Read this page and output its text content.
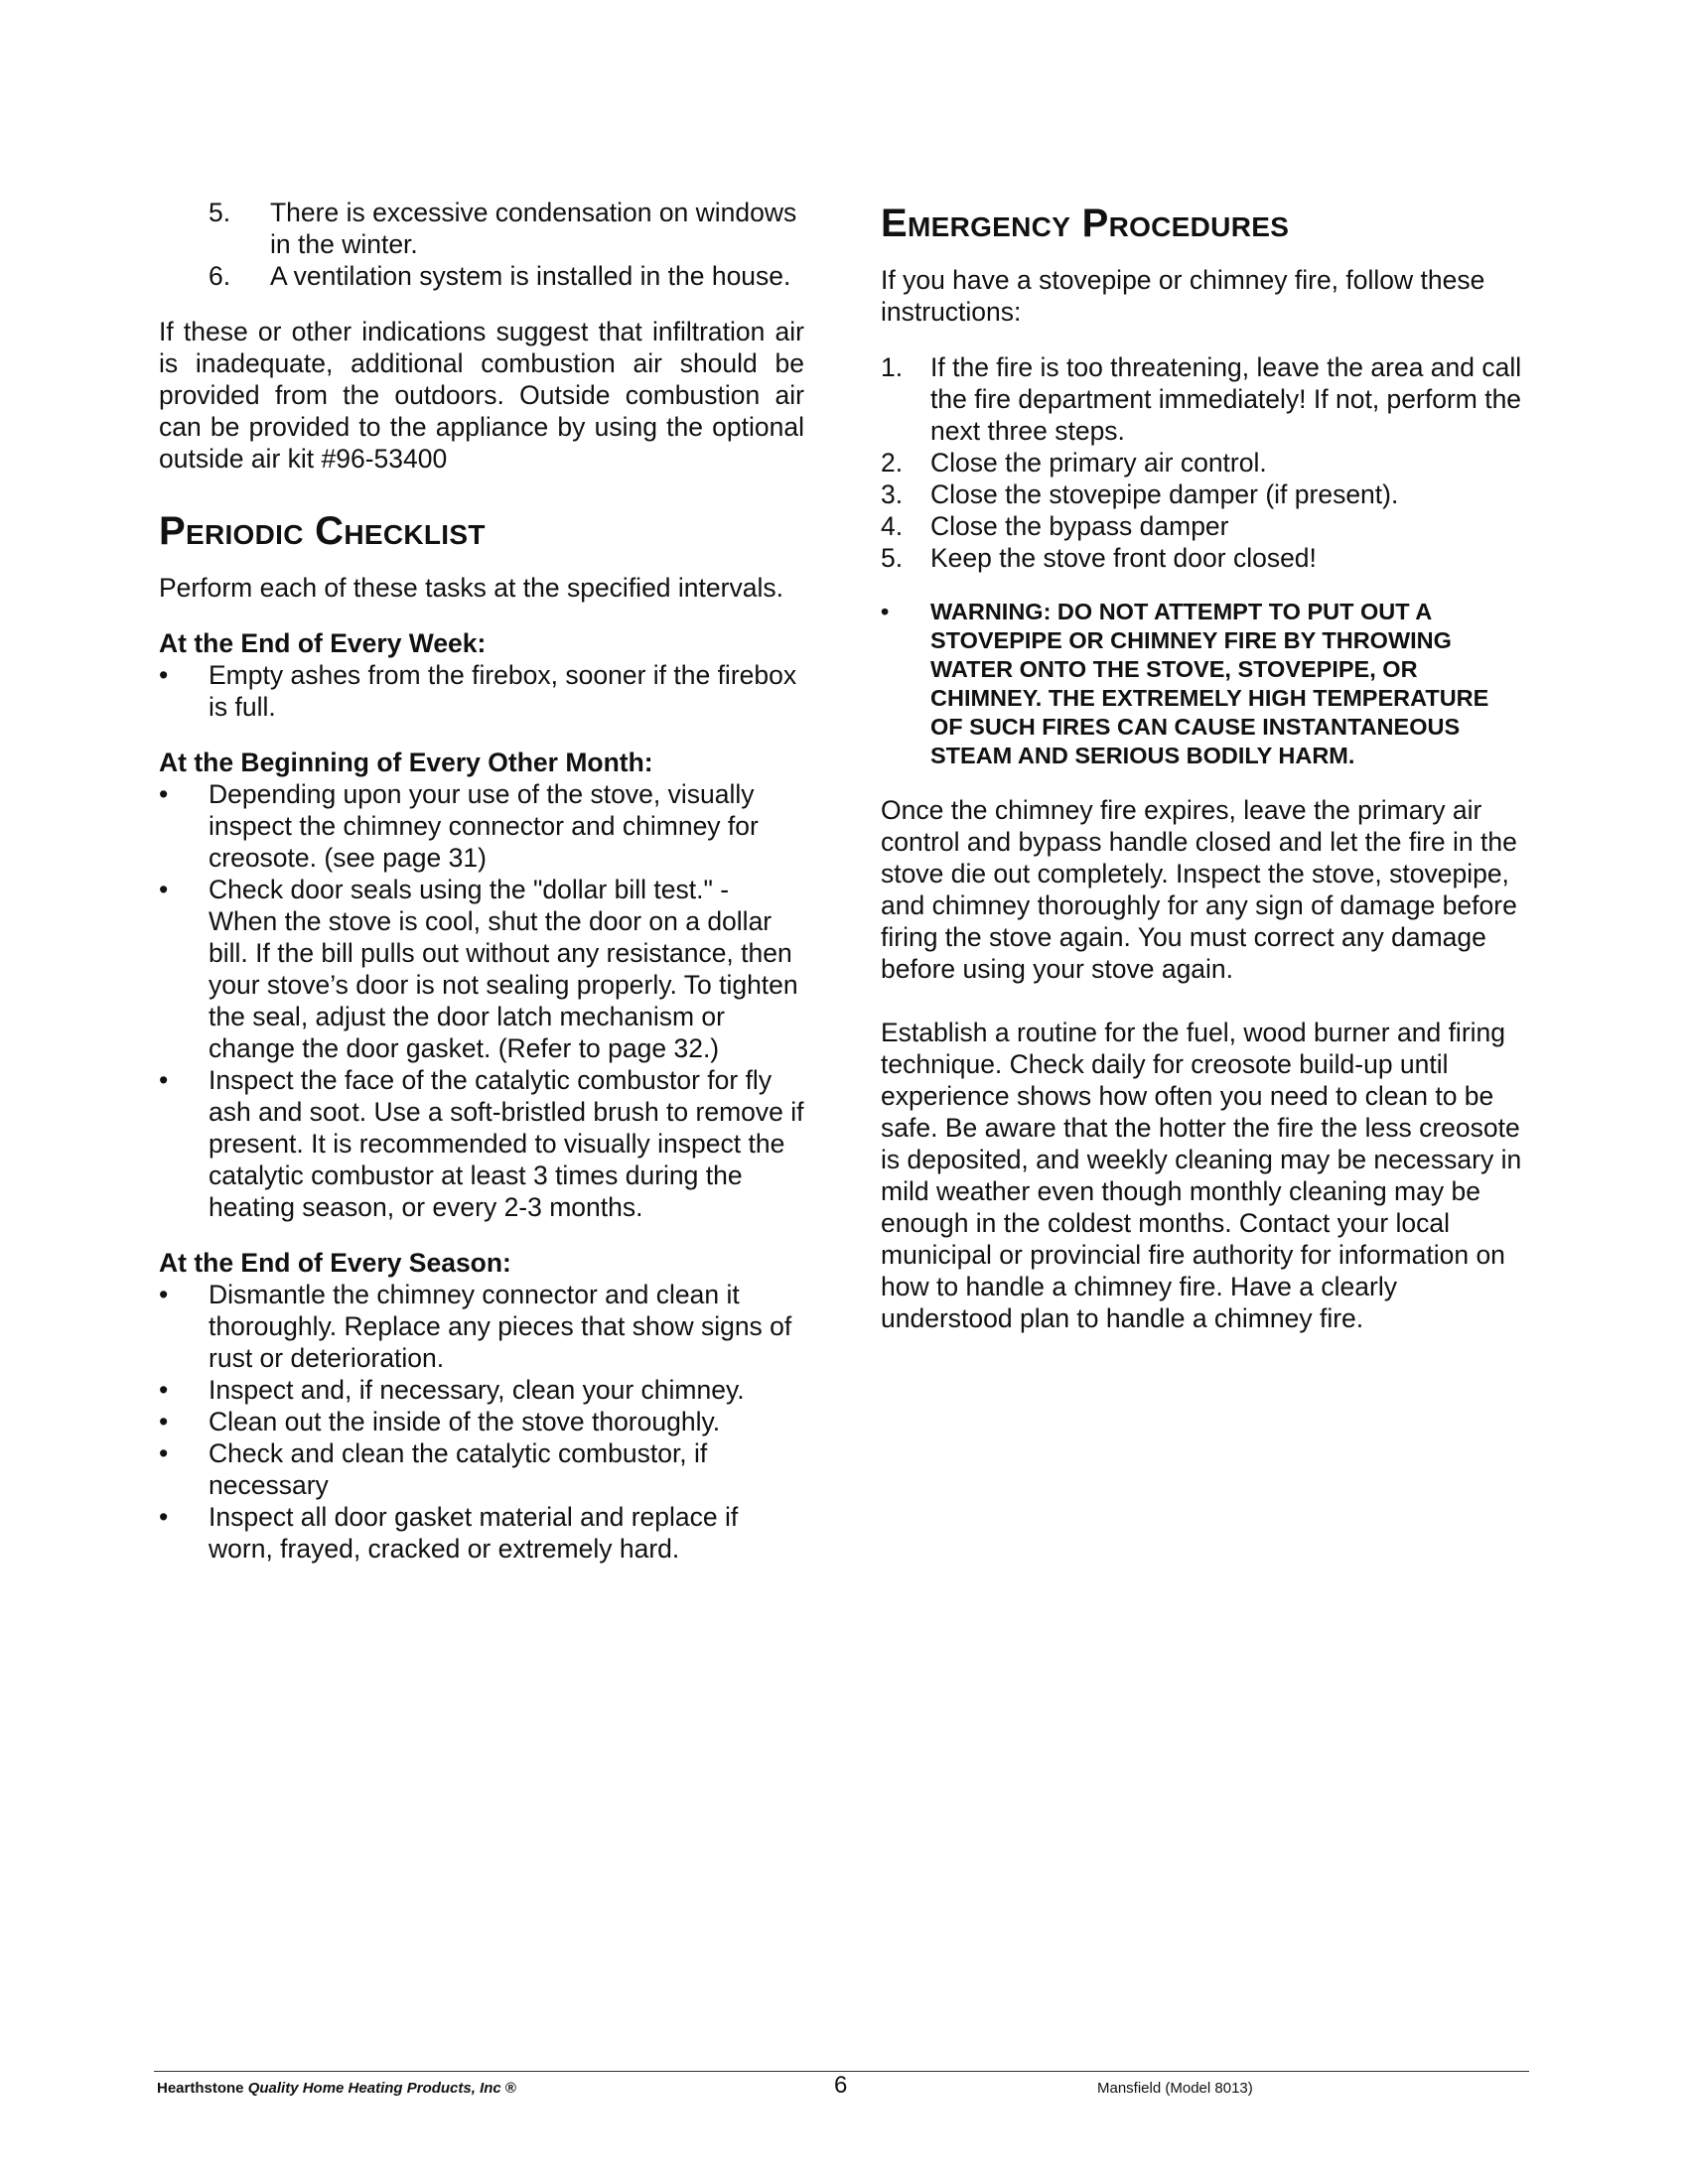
5. There is excessive condensation on windows in the winter.
6. A ventilation system is installed in the house.

If these or other indications suggest that infiltration air is inadequate, additional combustion air should be provided from the outdoors. Outside combustion air can be provided to the appliance by using the optional outside air kit #96-53400

Periodic Checklist

Perform each of these tasks at the specified intervals.

At the End of Every Week:
• Empty ashes from the firebox, sooner if the firebox is full.
At the Beginning of Every Other Month:
• Depending upon your use of the stove, visually inspect the chimney connector and chimney for creosote. (see page 31)
• Check door seals using the "dollar bill test." - When the stove is cool, shut the door on a dollar bill. If the bill pulls out without any resistance, then your stove’s door is not sealing properly. To tighten the seal, adjust the door latch mechanism or change the door gasket. (Refer to page 32.)
• Inspect the face of the catalytic combustor for fly ash and soot. Use a soft-bristled brush to remove if present. It is recommended to visually inspect the catalytic combustor at least 3 times during the heating season, or every 2-3 months.
At the End of Every Season:
• Dismantle the chimney connector and clean it thoroughly. Replace any pieces that show signs of rust or deterioration.
• Inspect and, if necessary, clean your chimney.
• Clean out the inside of the stove thoroughly.
• Check and clean the catalytic combustor, if necessary
• Inspect all door gasket material and replace if worn, frayed, cracked or extremely hard.
Emergency Procedures

If you have a stovepipe or chimney fire, follow these instructions:

1. If the fire is too threatening, leave the area and call the fire department immediately! If not, perform the next three steps.
2. Close the primary air control.
3. Close the stovepipe damper (if present).
4. Close the bypass damper
5. Keep the stove front door closed!
• WARNING: DO NOT ATTEMPT TO PUT OUT A STOVEPIPE OR CHIMNEY FIRE BY THROWING WATER ONTO THE STOVE, STOVEPIPE, OR CHIMNEY. THE EXTREMELY HIGH TEMPERATURE OF SUCH FIRES CAN CAUSE INSTANTANEOUS STEAM AND SERIOUS BODILY HARM.

Once the chimney fire expires, leave the primary air control and bypass handle closed and let the fire in the stove die out completely. Inspect the stove, stovepipe, and chimney thoroughly for any sign of damage before firing the stove again. You must correct any damage before using your stove again.

Establish a routine for the fuel, wood burner and firing technique. Check daily for creosote build-up until experience shows how often you need to clean to be safe. Be aware that the hotter the fire the less creosote is deposited, and weekly cleaning may be necessary in mild weather even though monthly cleaning may be enough in the coldest months. Contact your local municipal or provincial fire authority for information on how to handle a chimney fire. Have a clearly understood plan to handle a chimney fire.

Hearthstone Quality Home Heating Products, Inc ®	6	Mansfield (Model 8013)
